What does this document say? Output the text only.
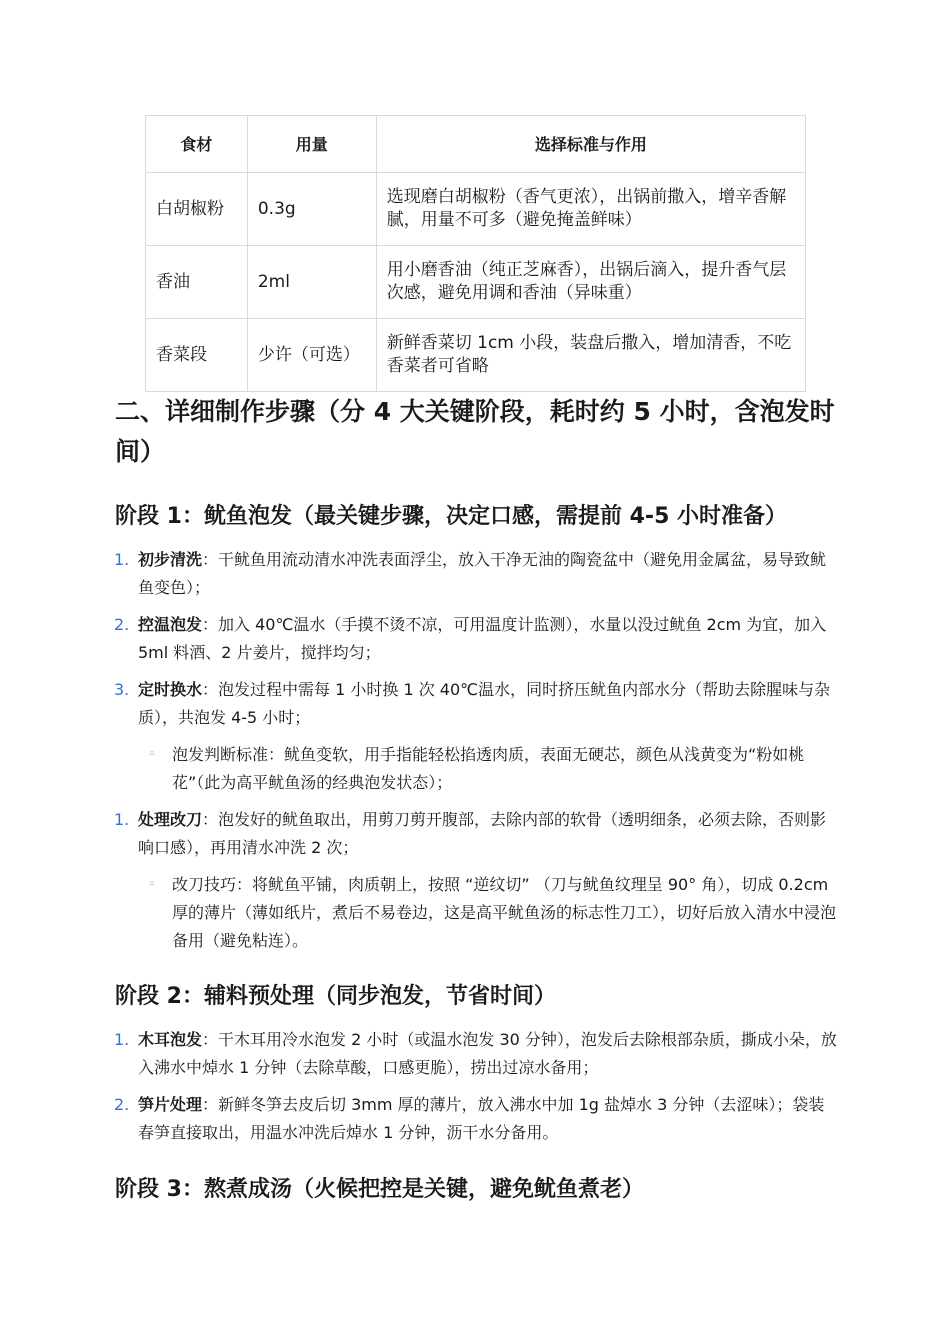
食材	用量	选择标准与作用
白胡椒粉	0.3g	选现磨白胡椒粉（香气更浓），出锅前撒入，增辛香解腻，用量不可多（避免掩盖鲜味）
香油	2ml	用小磨香油（纯正芝麻香），出锅后滴入，提升香气层次感，避免用调和香油（异味重）
香菜段	少许（可选）	新鲜香菜切 1cm 小段，装盘后撒入，增加清香，不吃香菜者可省略
二、详细制作步骤（分 4 大关键阶段，耗时约 5 小时，含泡发时间）
阶段 1：鱿鱼泡发（最关键步骤，决定口感，需提前 4-5 小时准备）
1. 初步清洗：干鱿鱼用流动清水冲洗表面浮尘，放入干净无油的陶瓷盆中（避免用金属盆，易导致鱿鱼变色）；
2. 控温泡发：加入 40℃温水（手摸不烫不凉，可用温度计监测），水量以没过鱿鱼 2cm 为宜，加入 5ml 料酒、2 片姜片，搅拌均匀；
3. 定时换水：泡发过程中需每 1 小时换 1 次 40℃温水，同时挤压鱿鱼内部水分（帮助去除腥味与杂质），共泡发 4-5 小时；
◦ 泡发判断标准：鱿鱼变软，用手指能轻松掐透肉质，表面无硬芯，颜色从浅黄变为“粉如桃花”（此为高平鱿鱼汤的经典泡发状态）；
1. 处理改刀：泡发好的鱿鱼取出，用剪刀剪开腹部，去除内部的软骨（透明细条，必须去除，否则影响口感），再用清水冲洗 2 次；
◦ 改刀技巧：将鱿鱼平铺，肉质朝上，按照 “逆纹切” （刀与鱿鱼纹理呈 90° 角），切成 0.2cm 厚的薄片（薄如纸片，煮后不易卷边，这是高平鱿鱼汤的标志性刀工），切好后放入清水中浸泡备用（避免粘连）。
阶段 2：辅料预处理（同步泡发，节省时间）
1. 木耳泡发：干木耳用冷水泡发 2 小时（或温水泡发 30 分钟），泡发后去除根部杂质，撕成小朵，放入沸水中焯水 1 分钟（去除草酸，口感更脆），捞出过凉水备用；
2. 笋片处理：新鲜冬笋去皮后切 3mm 厚的薄片，放入沸水中加 1g 盐焯水 3 分钟（去涩味）；袋装春笋直接取出，用温水冲洗后焯水 1 分钟，沥干水分备用。
阶段 3：熬煮成汤（火候把控是关键，避免鱿鱼煮老）
